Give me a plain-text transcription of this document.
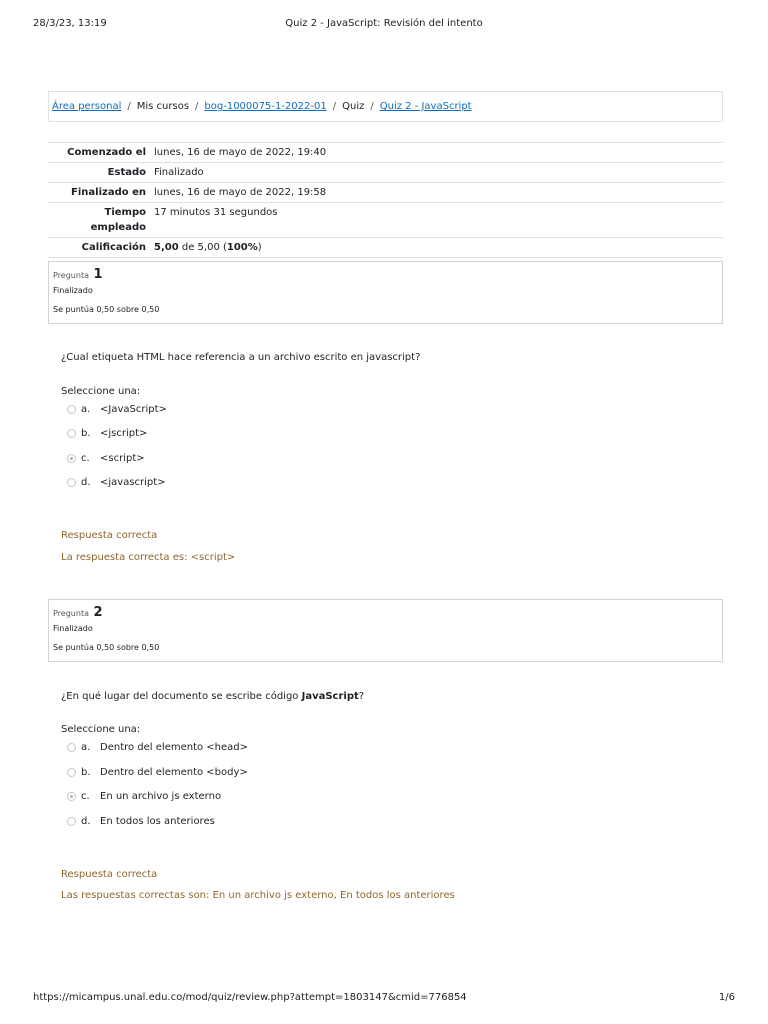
28/3/23, 13:19	Quiz 2 - JavaScript: Revisión del intento
Área personal / Mis cursos / bog-1000075-1-2022-01 / Quiz / Quiz 2 - JavaScript
Comenzado el	lunes, 16 de mayo de 2022, 19:40
Estado	Finalizado
Finalizado en	lunes, 16 de mayo de 2022, 19:58
Tiempo
empleado	17 minutos 31 segundos
Calificación	5,00 de 5,00 (100%)
Pregunta 1
Finalizado
Se puntúa 0,50 sobre 0,50
¿Cual etiqueta HTML hace referencia a un archivo escrito en javascript?
Seleccione una:
a. <JavaScript>
b. <jscript>
c.	<script>
d. <javascript>
Respuesta correcta
La respuesta correcta es: <script>
Pregunta 2
Finalizado
Se puntúa 0,50 sobre 0,50
¿En qué lugar del documento se escribe código JavaScript?
Seleccione una:
a. Dentro del elemento <head>
b. Dentro del elemento <body>
c.	En un archivo js externo
d. En todos los anteriores
Respuesta correcta
Las respuestas correctas son: En un archivo js externo, En todos los anteriores
https://micampus.unal.edu.co/mod/quiz/review.php?attempt=1803147&cmid=776854	1/6
